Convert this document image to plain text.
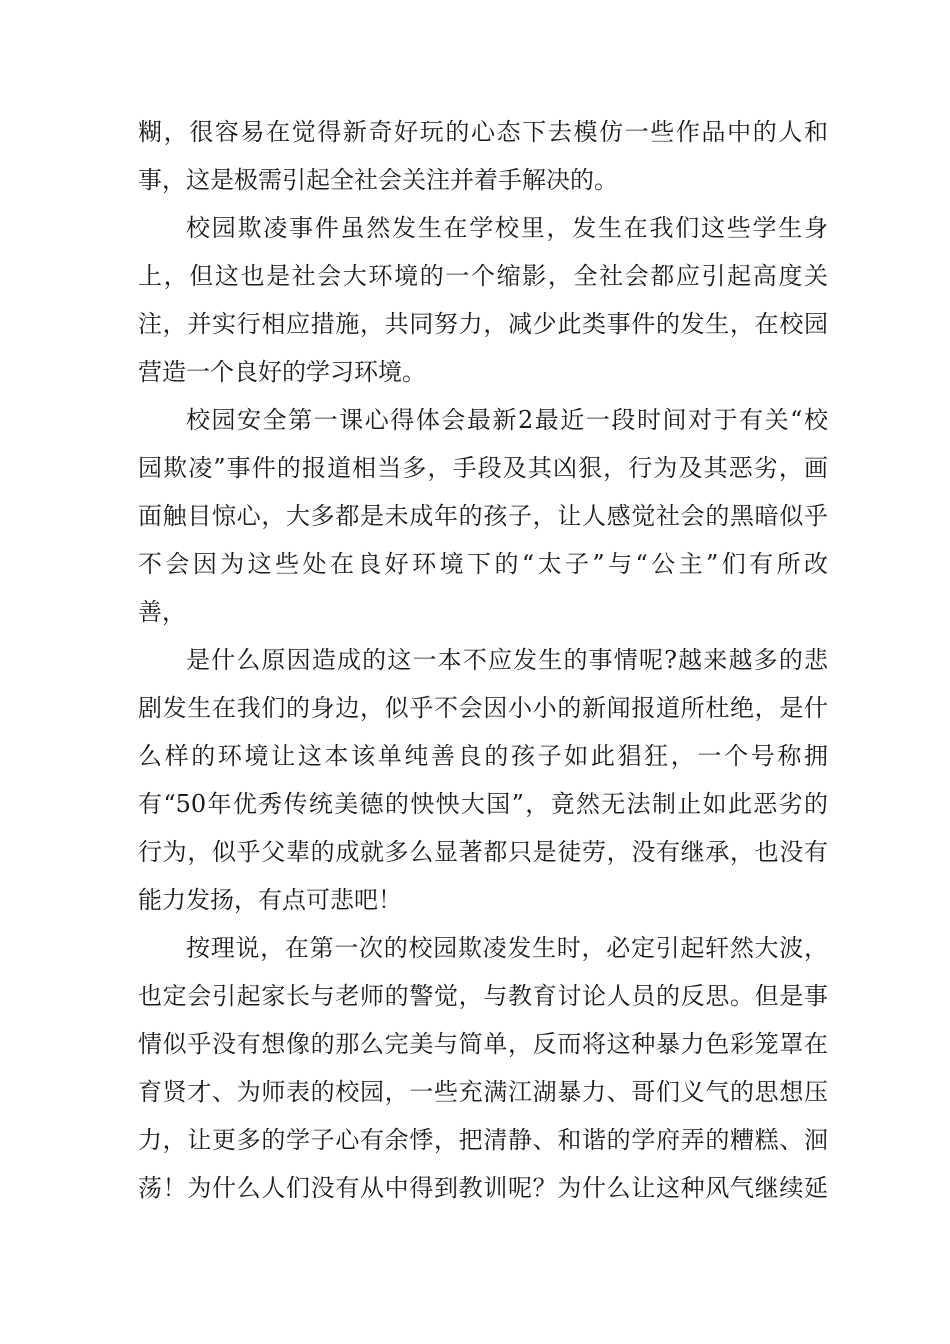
糊，很容易在觉得新奇好玩的心态下去模仿一些作品中的人和
事，这是极需引起全社会关注并着手解决的。
校园欺凌事件虽然发生在学校里，发生在我们这些学生身
上，但这也是社会大环境的一个缩影，全社会都应引起高度关
注，并实行相应措施，共同努力，减少此类事件的发生，在校园
营造一个良好的学习环境。
校园安全第一课心得体会最新2最近一段时间对于有关“校
园欺凌”事件的报道相当多，手段及其凶狠，行为及其恶劣，画
面触目惊心，大多都是未成年的孩子，让人感觉社会的黑暗似乎
不会因为这些处在良好环境下的“太子”与“公主”们有所改
善，
是什么原因造成的这一本不应发生的事情呢?越来越多的悲
剧发生在我们的身边，似乎不会因小小的新闻报道所杜绝，是什
么样的环境让这本该单纯善良的孩子如此猖狂，一个号称拥
有“50年优秀传统美德的怏怏大国”，竟然无法制止如此恶劣的
行为，似乎父辈的成就多么显著都只是徒劳，没有继承，也没有
能力发扬，有点可悲吧！
按理说，在第一次的校园欺凌发生时，必定引起轩然大波，
也定会引起家长与老师的警觉，与教育讨论人员的反思。但是事
情似乎没有想像的那么完美与简单，反而将这种暴力色彩笼罩在
育贤才、为师表的校园，一些充满江湖暴力、哥们义气的思想压
力，让更多的学子心有余悸，把清静、和谐的学府弄的糟糕、洄
荡！为什么人们没有从中得到教训呢？为什么让这种风气继续延
